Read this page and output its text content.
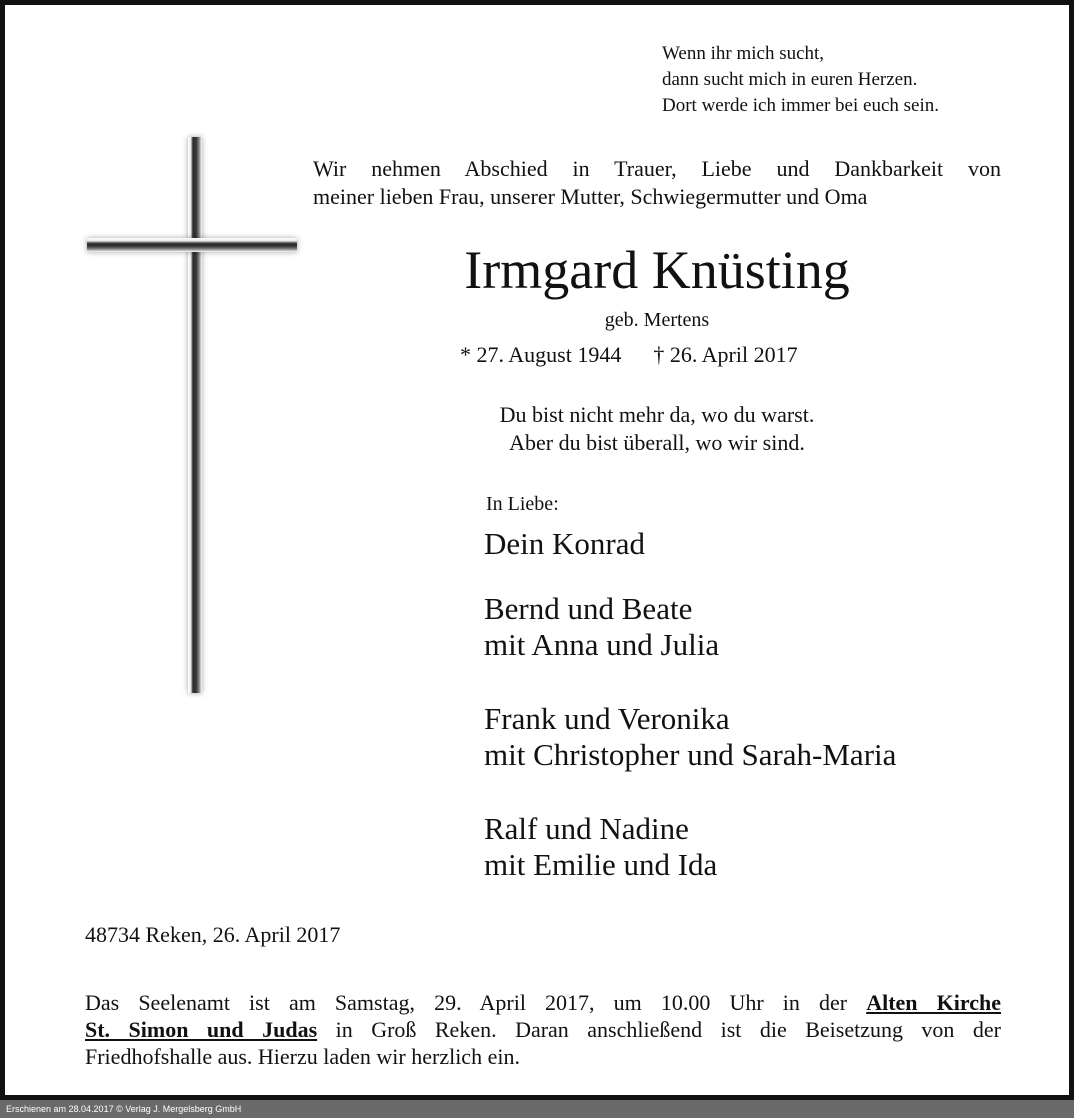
Wenn ihr mich sucht,
dann sucht mich in euren Herzen.
Dort werde ich immer bei euch sein.
Wir nehmen Abschied in Trauer, Liebe und Dankbarkeit von
meiner lieben Frau, unserer Mutter, Schwiegermutter und Oma
Irmgard Knüsting
geb. Mertens
* 27. August 1944 † 26. April 2017
Du bist nicht mehr da, wo du warst.
Aber du bist überall, wo wir sind.
In Liebe:
Dein Konrad
Bernd und Beate
mit Anna und Julia
Frank und Veronika
mit Christopher und Sarah-Maria
Ralf und Nadine
mit Emilie und Ida
48734 Reken, 26. April 2017
Das Seelenamt ist am Samstag, 29. April 2017, um 10.00 Uhr in der Alten Kirche
St. Simon und Judas in Groß Reken. Daran anschließend ist die Beisetzung von der
Friedhofshalle aus. Hierzu laden wir herzlich ein.
Erschienen am 28.04.2017 © Verlag J. Mergelsberg GmbH
